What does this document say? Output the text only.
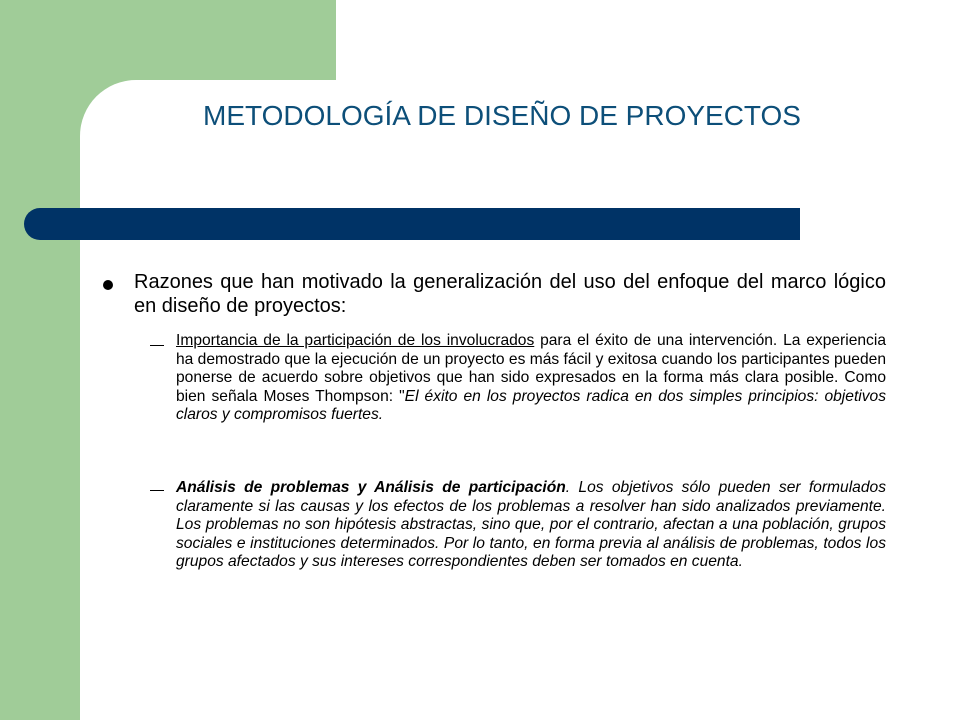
METODOLOGÍA DE DISEÑO DE PROYECTOS

Razones que han motivado la generalización del uso del enfoque del marco lógico en diseño de proyectos:

Importancia de la participación de los involucrados para el éxito de una intervención. La experiencia ha demostrado que la ejecución de un proyecto es más fácil y exitosa cuando los participantes pueden ponerse de acuerdo sobre objetivos que han sido expresados en la forma más clara posible. Como bien señala Moses Thompson: "El éxito en los proyectos radica en dos simples principios: objetivos claros y compromisos fuertes.

Análisis de problemas y Análisis de participación. Los objetivos sólo pueden ser formulados claramente si las causas y los efectos de los problemas a resolver han sido analizados previamente. Los problemas no son hipótesis abstractas, sino que, por el contrario, afectan a una población, grupos sociales e instituciones determinados. Por lo tanto, en forma previa al análisis de problemas, todos los grupos afectados y sus intereses correspondientes deben ser tomados en cuenta.
